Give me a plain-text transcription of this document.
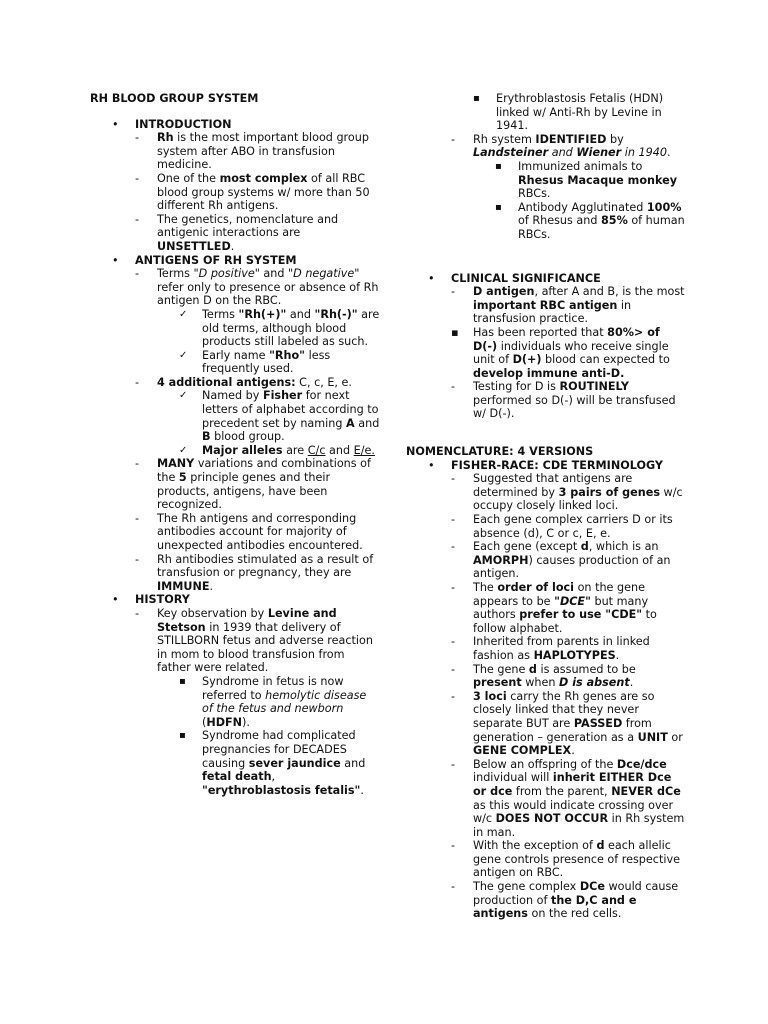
RH BLOOD GROUP SYSTEM
• INTRODUCTION
- Rh is the most important blood group system after ABO in transfusion medicine.
- One of the most complex of all RBC blood group systems w/ more than 50 different Rh antigens.
- The genetics, nomenclature and antigenic interactions are UNSETTLED.
• ANTIGENS OF RH SYSTEM
- Terms "D positive" and "D negative" refer only to presence or absence of Rh antigen D on the RBC.
✓ Terms "Rh(+)" and "Rh(-)" are old terms, although blood products still labeled as such.
✓ Early name "Rho" less frequently used.
- 4 additional antigens: C, c, E, e.
✓ Named by Fisher for next letters of alphabet according to precedent set by naming A and B blood group.
✓ Major alleles are C/c and E/e.
- MANY variations and combinations of the 5 principle genes and their products, antigens, have been recognized.
- The Rh antigens and corresponding antibodies account for majority of unexpected antibodies encountered.
- Rh antibodies stimulated as a result of transfusion or pregnancy, they are IMMUNE.
• HISTORY
- Key observation by Levine and Stetson in 1939 that delivery of STILLBORN fetus and adverse reaction in mom to blood transfusion from father were related.
▪ Syndrome in fetus is now referred to hemolytic disease of the fetus and newborn (HDFN).
▪ Syndrome had complicated pregnancies for DECADES causing sever jaundice and fetal death, "erythroblastosis fetalis".
▪ Erythroblastosis Fetalis (HDN) linked w/ Anti-Rh by Levine in 1941.
- Rh system IDENTIFIED by Landsteiner and Wiener in 1940.
▪ Immunized animals to Rhesus Macaque monkey RBCs.
▪ Antibody Agglutinated 100% of Rhesus and 85% of human RBCs.
• CLINICAL SIGNIFICANCE
- D antigen, after A and B, is the most important RBC antigen in transfusion practice.
▪ Has been reported that 80%> of D(-) individuals who receive single unit of D(+) blood can expected to develop immune anti-D.
- Testing for D is ROUTINELY performed so D(-) will be transfused w/ D(-).
NOMENCLATURE: 4 VERSIONS
• FISHER-RACE: CDE TERMINOLOGY
- Suggested that antigens are determined by 3 pairs of genes w/c occupy closely linked loci.
- Each gene complex carriers D or its absence (d), C or c, E, e.
- Each gene (except d, which is an AMORPH) causes production of an antigen.
- The order of loci on the gene appears to be "DCE" but many authors prefer to use "CDE" to follow alphabet.
- Inherited from parents in linked fashion as HAPLOTYPES.
- The gene d is assumed to be present when D is absent.
- 3 loci carry the Rh genes are so closely linked that they never separate BUT are PASSED from generation – generation as a UNIT or GENE COMPLEX.
- Below an offspring of the Dce/dce individual will inherit EITHER Dce or dce from the parent, NEVER dCe as this would indicate crossing over w/c DOES NOT OCCUR in Rh system in man.
- With the exception of d each allelic gene controls presence of respective antigen on RBC.
- The gene complex DCe would cause production of the D,C and e antigens on the red cells.
